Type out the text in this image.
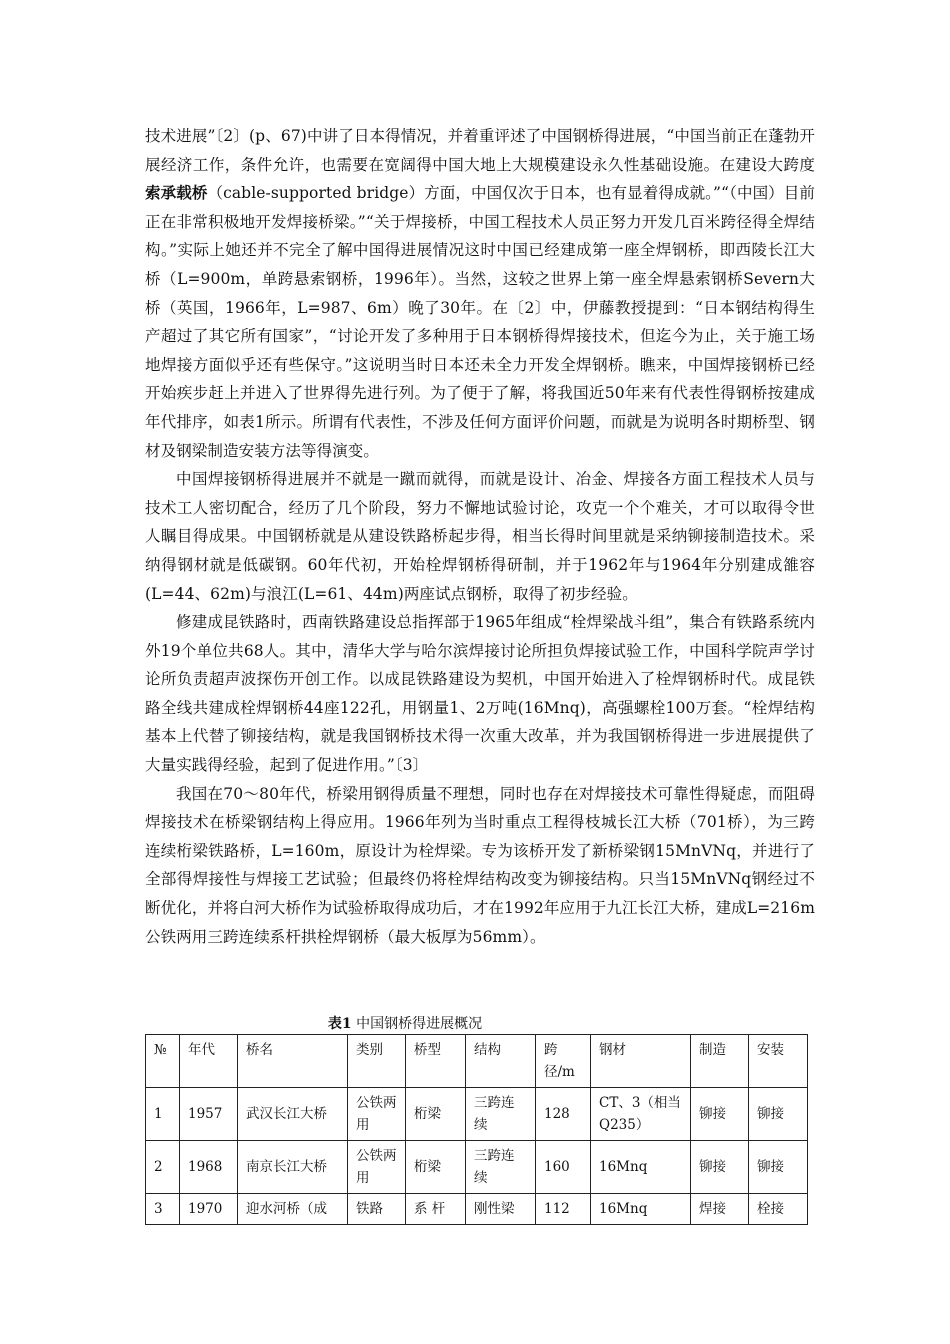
技术进展”〔2〕(p、67)中讲了日本得情况，并着重评述了中国钢桥得进展，“中国当前正在蓬勃开展经济工作，条件允许，也需要在宽阔得中国大地上大规模建设永久性基础设施。在建设大跨度索承载桥（cable-supported bridge）方面，中国仅次于日本，也有显着得成就。”“（中国）目前正在非常积极地开发焊接桥梁。”“关于焊接桥，中国工程技术人员正努力开发几百米跨径得全焊结构。”实际上她还并不完全了解中国得进展情况这时中国已经建成第一座全焊钢桥，即西陵长江大桥（L=900m，单跨悬索钢桥，1996年）。当然，这较之世界上第一座全焊悬索钢桥Severn大桥（英国，1966年，L=987、6m）晚了30年。在〔2〕中，伊藤教授提到：“日本钢结构得生产超过了其它所有国家”，“讨论开发了多种用于日本钢桥得焊接技术，但迄今为止，关于施工场地焊接方面似乎还有些保守。”这说明当时日本还未全力开发全焊钢桥。瞧来，中国焊接钢桥已经开始疾步赶上并进入了世界得先进行列。为了便于了解，将我国近50年来有代表性得钢桥按建成年代排序，如表1所示。所谓有代表性，不涉及任何方面评价问题，而就是为说明各时期桥型、钢材及钢梁制造安装方法等得演变。

中国焊接钢桥得进展并不就是一蹴而就得，而就是设计、冶金、焊接各方面工程技术人员与技术工人密切配合，经历了几个阶段，努力不懈地试验讨论，攻克一个个难关，才可以取得令世人瞩目得成果。中国钢桥就是从建设铁路桥起步得，相当长得时间里就是采纳铆接制造技术。采纳得钢材就是低碳钢。60年代初，开始栓焊钢桥得研制，并于1962年与1964年分别建成雒容(L=44、62m)与浪江(L=61、44m)两座试点钢桥，取得了初步经验。

修建成昆铁路时，西南铁路建设总指挥部于1965年组成“栓焊梁战斗组”，集合有铁路系统内外19个单位共68人。其中，清华大学与哈尔滨焊接讨论所担负焊接试验工作，中国科学院声学讨论所负责超声波探伤开创工作。以成昆铁路建设为契机，中国开始进入了栓焊钢桥时代。成昆铁路全线共建成栓焊钢桥44座122孔，用钢量1、2万吨(16Mnq)，高强螺栓100万套。“栓焊结构基本上代替了铆接结构，就是我国钢桥技术得一次重大改革，并为我国钢桥得进一步进展提供了大量实践得经验，起到了促进作用。”〔3〕

我国在70～80年代，桥梁用钢得质量不理想，同时也存在对焊接技术可靠性得疑虑，而阻碍焊接技术在桥梁钢结构上得应用。1966年列为当时重点工程得枝城长江大桥（701桥），为三跨连续桁梁铁路桥，L=160m，原设计为栓焊梁。专为该桥开发了新桥梁钢15MnVNq，并进行了全部得焊接性与焊接工艺试验；但最终仍将栓焊结构改变为铆接结构。只当15MnVNq钢经过不断优化，并将白河大桥作为试验桥取得成功后，才在1992年应用于九江长江大桥，建成L=216m公铁两用三跨连续系杆拱栓焊钢桥（最大板厚为56mm）。

表1 中国钢桥得进展概况
№	年代	桥名	类别	桥型	结构	跨径/m	钢材	制造	安装
1	1957	武汉长江大桥	公铁两用	桁梁	三跨连续	128	CT、3（相当Q235）	铆接	铆接
2	1968	南京长江大桥	公铁两用	桁梁	三跨连续	160	16Mnq	铆接	铆接
3	1970	迎水河桥（成	铁路	系 杆	刚性梁	112	16Mnq	焊接	栓接
